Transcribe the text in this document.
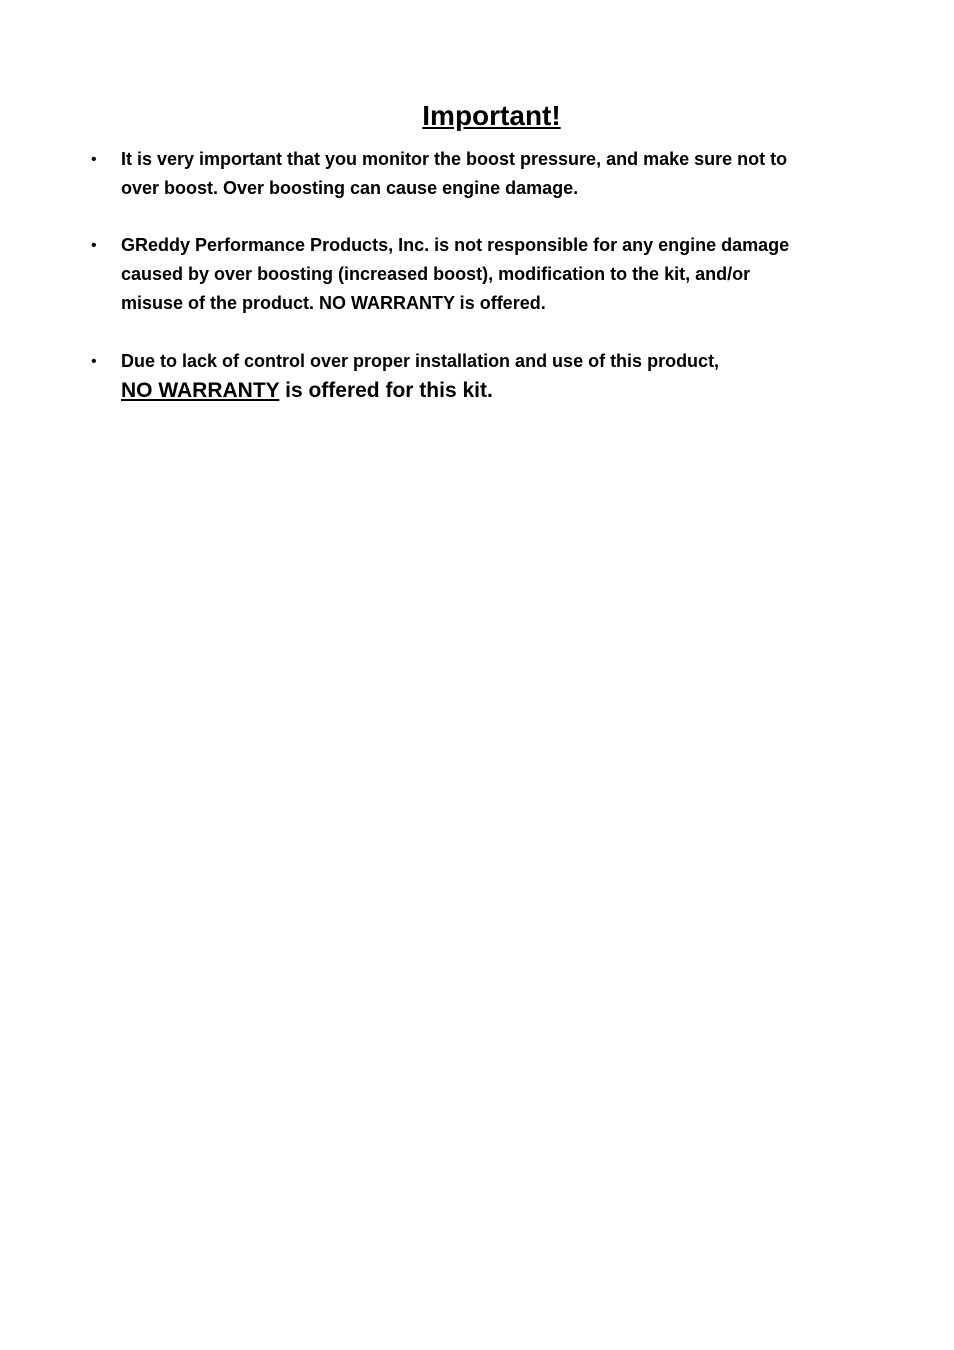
Important!
•	It is very important that you monitor the boost pressure, and make sure not to
over boost. Over boosting can cause engine damage.
•	GReddy Performance Products, Inc. is not responsible for any engine damage
caused by over boosting (increased boost), modification to the kit, and/or
misuse of the product. NO WARRANTY is offered.
•	Due to lack of control over proper installation and use of this product,
NO WARRANTY is offered for this kit.
